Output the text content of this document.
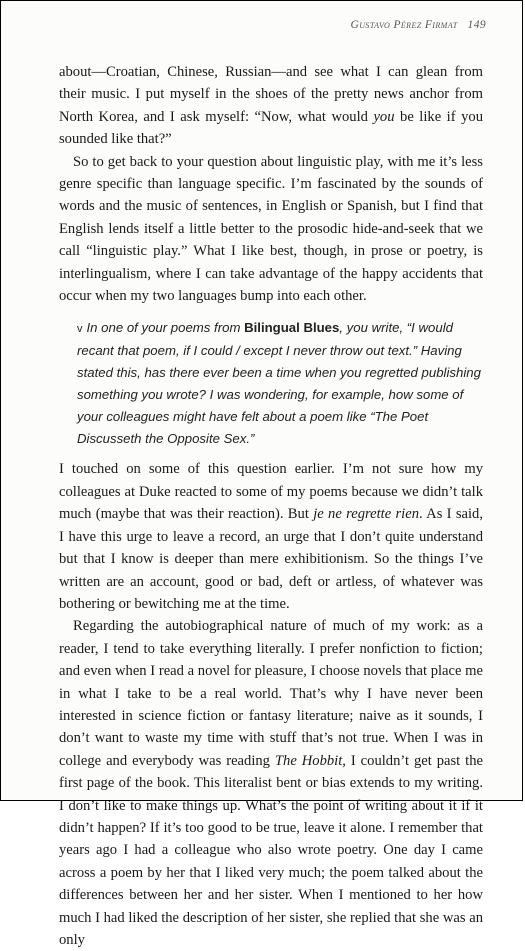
Gustavo Pérez Firmat 149

about—Croatian, Chinese, Russian—and see what I can glean from their music. I put myself in the shoes of the pretty news anchor from North Korea, and I ask myself: “Now, what would you be like if you sounded like that?”

So to get back to your question about linguistic play, with me it’s less genre specific than language specific. I’m fascinated by the sounds of words and the music of sentences, in English or Spanish, but I find that English lends itself a little better to the prosodic hide-and-seek that we call “linguistic play.” What I like best, though, in prose or poetry, is interlingualism, where I can take advantage of the happy accidents that occur when my two languages bump into each other.

v In one of your poems from Bilingual Blues, you write, “I would recant that poem, if I could / except I never throw out text.” Having stated this, has there ever been a time when you regretted publishing something you wrote? I was wondering, for example, how some of your colleagues might have felt about a poem like “The Poet Discusseth the Opposite Sex.”

I touched on some of this question earlier. I’m not sure how my colleagues at Duke reacted to some of my poems because we didn’t talk much (maybe that was their reaction). But je ne regrette rien. As I said, I have this urge to leave a record, an urge that I don’t quite understand but that I know is deeper than mere exhibitionism. So the things I’ve written are an account, good or bad, deft or artless, of whatever was bothering or bewitching me at the time.

Regarding the autobiographical nature of much of my work: as a reader, I tend to take everything literally. I prefer nonfiction to fiction; and even when I read a novel for pleasure, I choose novels that place me in what I take to be a real world. That’s why I have never been interested in science fiction or fantasy literature; naive as it sounds, I don’t want to waste my time with stuff that’s not true. When I was in college and everybody was reading The Hobbit, I couldn’t get past the first page of the book. This literalist bent or bias extends to my writing. I don’t like to make things up. What’s the point of writing about it if it didn’t happen? If it’s too good to be true, leave it alone. I remember that years ago I had a colleague who also wrote poetry. One day I came across a poem by her that I liked very much; the poem talked about the differences between her and her sister. When I mentioned to her how much I had liked the description of her sister, she replied that she was an only
